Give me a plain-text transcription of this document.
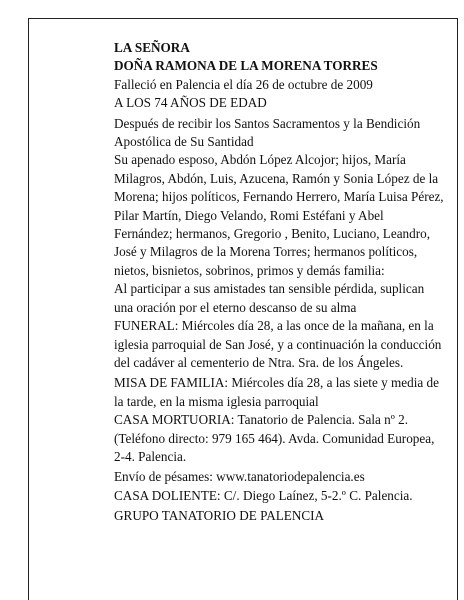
LA SEÑORA
DOÑA RAMONA DE LA MORENA TORRES
Falleció en Palencia el día 26 de octubre de 2009
A LOS 74 AÑOS DE EDAD
Después de recibir los Santos Sacramentos y la Bendición Apostólica de Su Santidad
Su apenado esposo, Abdón López Alcojor; hijos, María Milagros, Abdón, Luis, Azucena, Ramón y Sonia López de la Morena; hijos políticos, Fernando Herrero, María Luisa Pérez, Pilar Martín, Diego Velando, Romi Estéfani y Abel Fernández; hermanos, Gregorio , Benito, Luciano, Leandro, José y Milagros de la Morena Torres; hermanos políticos, nietos, bisnietos, sobrinos, primos y demás familia:
Al participar a sus amistades tan sensible pérdida, suplican una oración por el eterno descanso de su alma
FUNERAL: Miércoles día 28, a las once de la mañana, en la iglesia parroquial de San José, y a continuación la conducción del cadáver al cementerio de Ntra. Sra. de los Ángeles.
MISA DE FAMILIA: Miércoles día 28, a las siete y media de la tarde, en la misma iglesia parroquial
CASA MORTUORIA: Tanatorio de Palencia. Sala nº 2. (Teléfono directo: 979 165 464). Avda. Comunidad Europea, 2-4. Palencia.
Envío de pésames: www.tanatoriodepalencia.es
CASA DOLIENTE: C/. Diego Laínez, 5-2.º C. Palencia.
GRUPO TANATORIO DE PALENCIA
